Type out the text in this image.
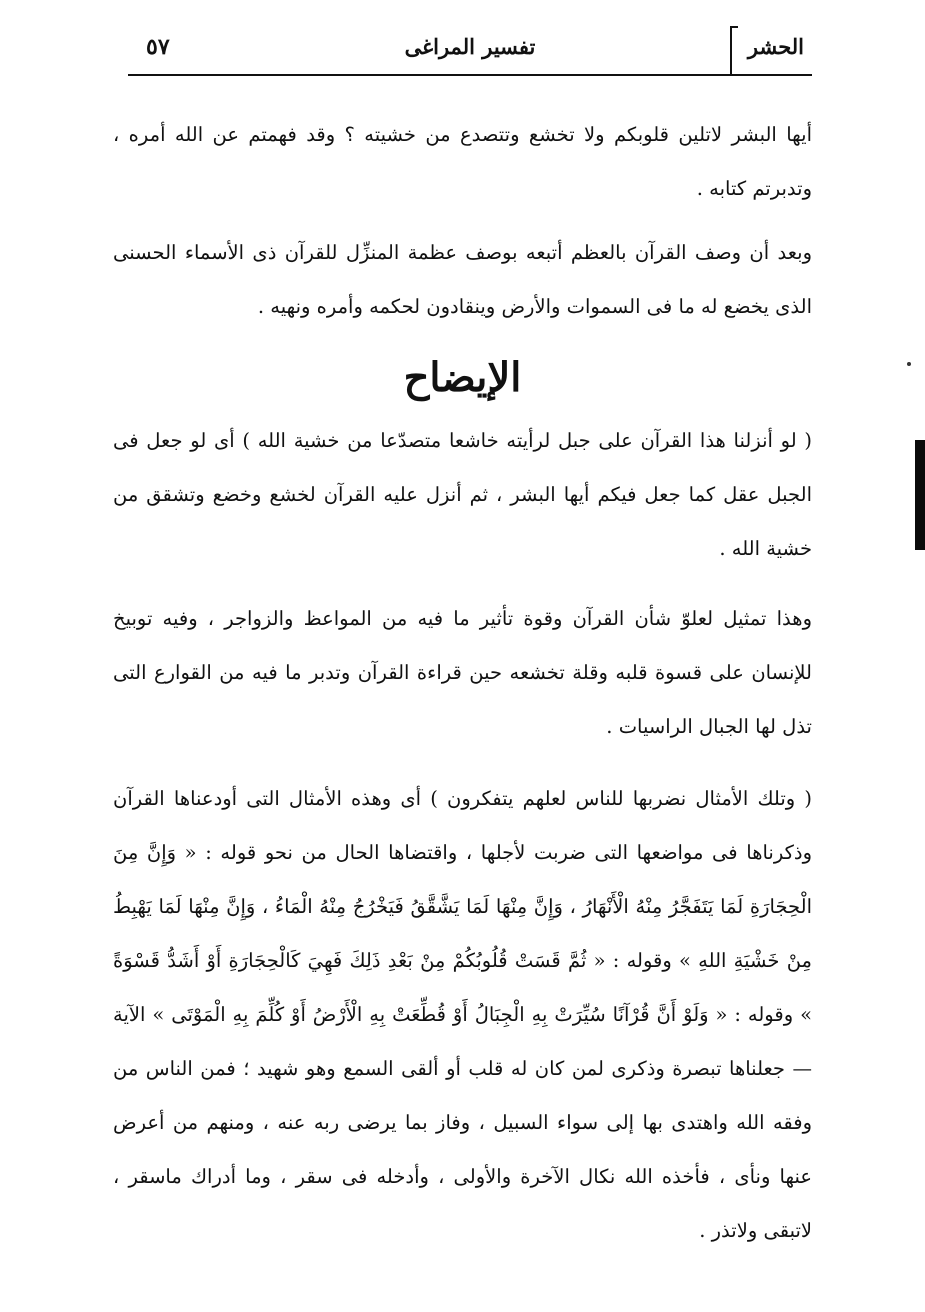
الحشر
تفسير المراغى
٥٧

أيها البشر لاتلين قلوبكم ولا تخشع وتتصدع من خشيته ؟ وقد فهمتم عن الله أمره ، وتدبرتم كتابه .

وبعد أن وصف القرآن بالعظم أتبعه بوصف عظمة المنزِّل للقرآن ذى الأسماء الحسنى الذى يخضع له ما فى السموات والأرض وينقادون لحكمه وأمره ونهيه .

الإيضاح

( لو أنزلنا هذا القرآن على جبل لرأيته خاشعا متصدّعا من خشية الله ) أى لو جعل فى الجبل عقل كما جعل فيكم أيها البشر ، ثم أنزل عليه القرآن لخشع وخضع وتشقق من خشية الله .

وهذا تمثيل لعلوّ شأن القرآن وقوة تأثير ما فيه من المواعظ والزواجر ، وفيه توبيخ للإنسان على قسوة قلبه وقلة تخشعه حين قراءة القرآن وتدبر ما فيه من القوارع التى تذل لها الجبال الراسيات .

( وتلك الأمثال نضربها للناس لعلهم يتفكرون ) أى وهذه الأمثال التى أودعناها القرآن وذكرناها فى مواضعها التى ضربت لأجلها ، واقتضاها الحال من نحو قوله : « وَإِنَّ مِنَ الْحِجَارَةِ لَمَا يَتَفَجَّرُ مِنْهُ الْأَنْهَارُ ، وَإِنَّ مِنْهَا لَمَا يَشَّقَّقُ فَيَخْرُجُ مِنْهُ الْمَاءُ ، وَإِنَّ مِنْهَا لَمَا يَهْبِطُ مِنْ خَشْيَةِ اللهِ » وقوله : « ثُمَّ قَسَتْ قُلُوبُكُمْ مِنْ بَعْدِ ذَلِكَ فَهِيَ كَالْحِجَارَةِ أَوْ أَشَدُّ قَسْوَةً » وقوله : « وَلَوْ أَنَّ قُرْآنًا سُيِّرَتْ بِهِ الْجِبَالُ أَوْ قُطِّعَتْ بِهِ الْأَرْضُ أَوْ كُلِّمَ بِهِ الْمَوْتَى » الآية — جعلناها تبصرة وذكرى لمن كان له قلب أو ألقى السمع وهو شهيد ؛ فمن الناس من وفقه الله واهتدى بها إلى سواء السبيل ، وفاز بما يرضى ربه عنه ، ومنهم من أعرض عنها ونأى ، فأخذه الله نكال الآخرة والأولى ، وأدخله فى سقر ، وما أدراك ماسقر ، لاتبقى ولاتذر .
